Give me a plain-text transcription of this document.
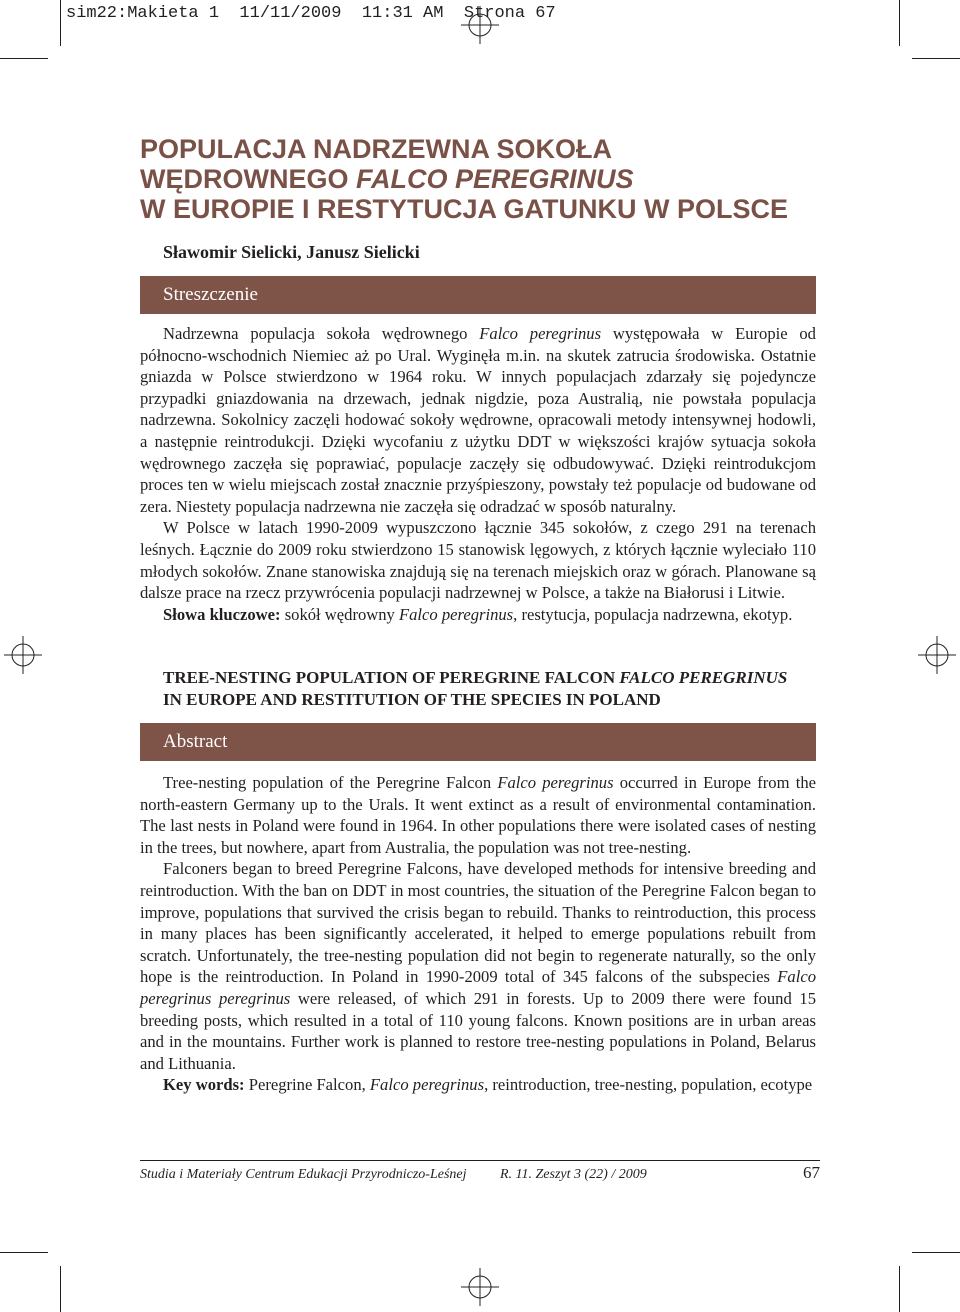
sim22:Makieta 1  11/11/2009  11:31 AM  Strona 67
POPULACJA NADRZEWNA SOKOŁA
WĘDROWNEGO FALCO PEREGRINUS
W EUROPIE I RESTYTUCJA GATUNKU W POLSCE
Sławomir Sielicki, Janusz Sielicki
Streszczenie

Nadrzewna populacja sokoła wędrownego Falco peregrinus występowała w Europie od północno-wschodnich Niemiec aż po Ural. Wyginęła m.in. na skutek zatrucia środowiska. Ostatnie gniazda w Polsce stwierdzono w 1964 roku. W innych populacjach zdarzały się pojedyncze przypadki gniazdowania na drzewach, jednak nigdzie, poza Australią, nie powstała populacja nadrzewna. Sokolnicy zaczęli hodować sokoły wędrowne, opracowali metody intensywnej hodowli, a następnie reintrodukcji. Dzięki wycofaniu z użytku DDT w większości krajów sytuacja sokoła wędrownego zaczęła się poprawiać, populacje zaczęły się odbudowywać. Dzięki reintrodukcjom proces ten w wielu miejscach został znacznie przyśpieszony, powstały też populacje od budowane od zera. Niestety populacja nadrzewna nie zaczęła się odradzać w sposób naturalny.

W Polsce w latach 1990-2009 wypuszczono łącznie 345 sokołów, z czego 291 na terenach leśnych. Łącznie do 2009 roku stwierdzono 15 stanowisk lęgowych, z których łącznie wyleciało 110 młodych sokołów. Znane stanowiska znajdują się na terenach miejskich oraz w górach. Planowane są dalsze prace na rzecz przywrócenia populacji nadrzewnej w Polsce, a także na Białorusi i Litwie.

Słowa kluczowe: sokół wędrowny Falco peregrinus, restytucja, populacja nadrzewna, ekotyp.

TREE-NESTING POPULATION OF PEREGRINE FALCON FALCO PEREGRINUS
IN EUROPE AND RESTITUTION OF THE SPECIES IN POLAND
Abstract

Tree-nesting population of the Peregrine Falcon Falco peregrinus occurred in Europe from the north-eastern Germany up to the Urals. It went extinct as a result of environmental contamination. The last nests in Poland were found in 1964. In other populations there were isolated cases of nesting in the trees, but nowhere, apart from Australia, the population was not tree-nesting.

Falconers began to breed Peregrine Falcons, have developed methods for intensive breeding and reintroduction. With the ban on DDT in most countries, the situation of the Peregrine Falcon began to improve, populations that survived the crisis began to rebuild. Thanks to reintroduction, this process in many places has been significantly accelerated, it helped to emerge populations rebuilt from scratch. Unfortunately, the tree-nesting population did not begin to regenerate naturally, so the only hope is the reintroduction. In Poland in 1990-2009 total of 345 falcons of the subspecies Falco peregrinus peregrinus were released, of which 291 in forests. Up to 2009 there were found 15 breeding posts, which resulted in a total of 110 young falcons. Known positions are in urban areas and in the mountains. Further work is planned to restore tree-nesting populations in Poland, Belarus and Lithuania.

Key words: Peregrine Falcon, Falco peregrinus, reintroduction, tree-nesting, population, ecotype

Studia i Materiały Centrum Edukacji Przyrodniczo-Leśnej R. 11. Zeszyt 3 (22) / 2009	67
